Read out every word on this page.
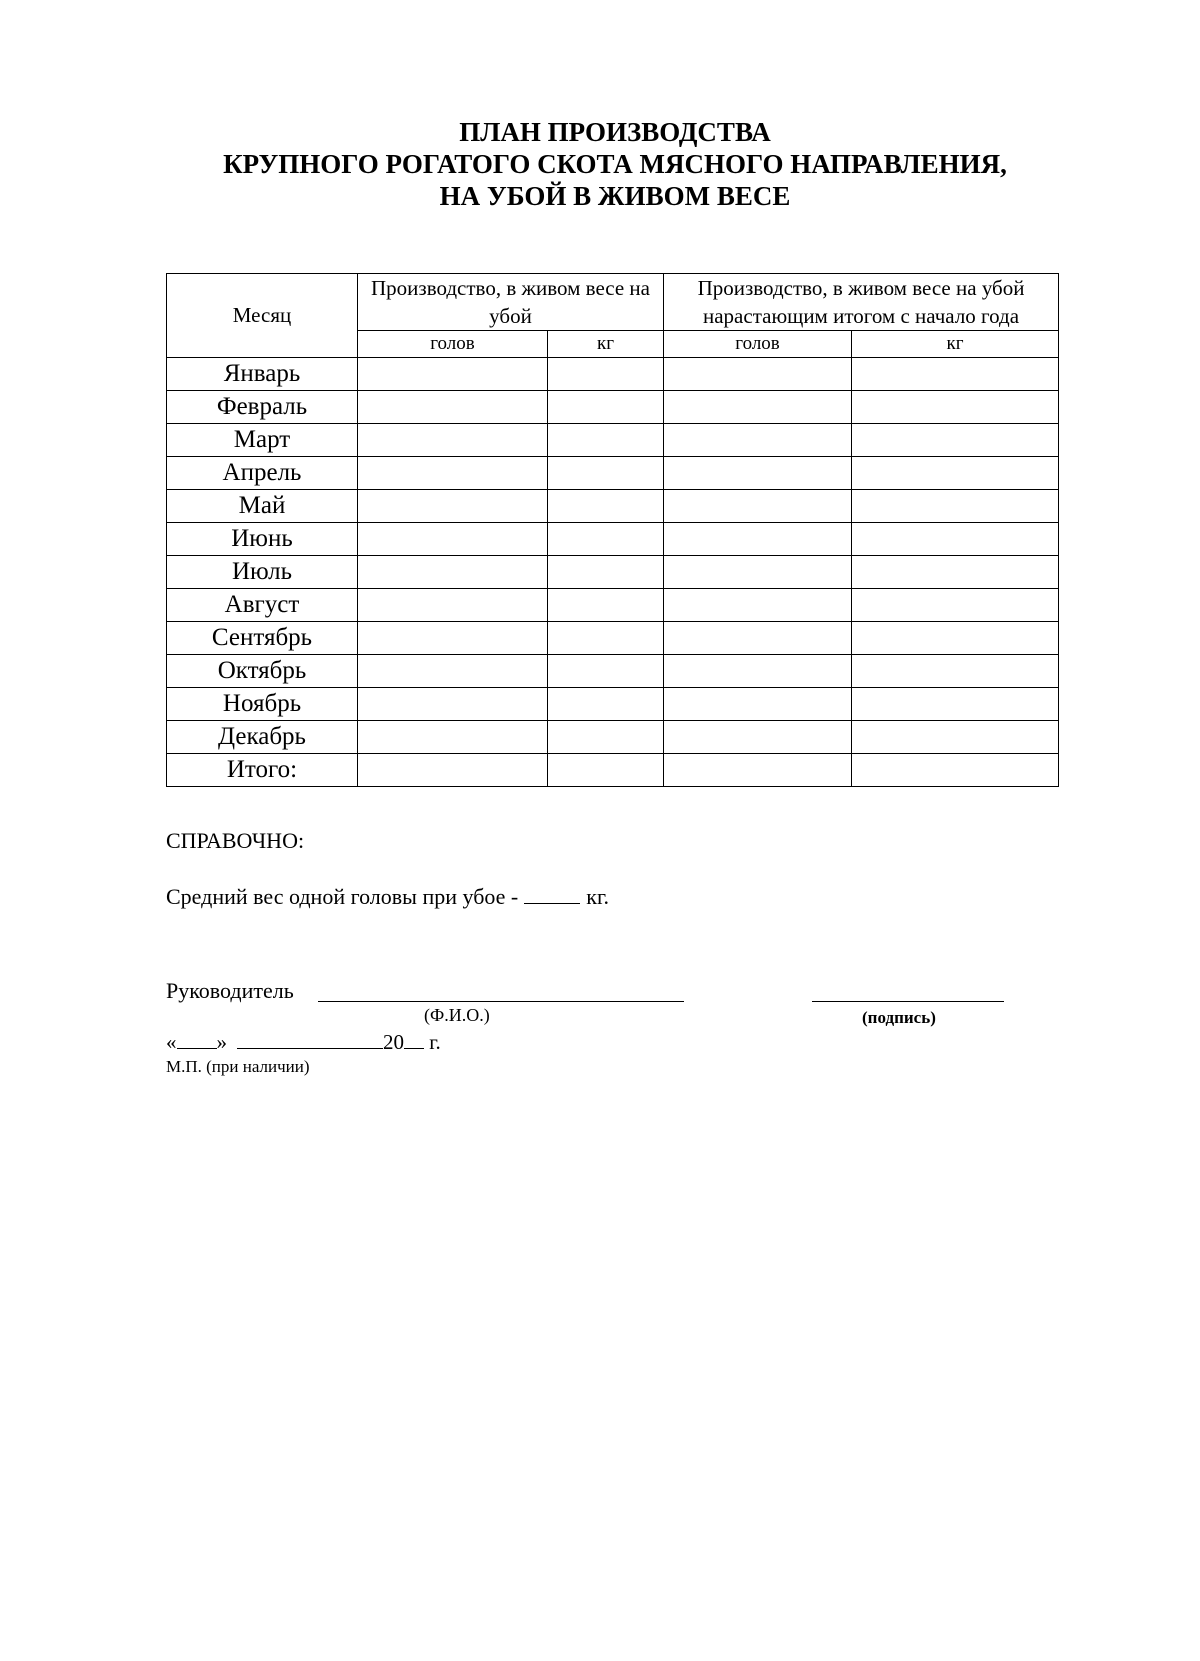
ПЛАН ПРОИЗВОДСТВА
КРУПНОГО РОГАТОГО СКОТА МЯСНОГО НАПРАВЛЕНИЯ,
НА УБОЙ В ЖИВОМ ВЕСЕ
Месяц	Производство, в живом весе на убой		Производство, в живом весе на убой нарастающим итогом с начало года	
	голов	кг	голов	кг
Январь				
Февраль				
Март				
Апрель				
Май				
Июнь				
Июль				
Август				
Сентябрь				
Октябрь				
Ноябрь				
Декабрь				
Итого:				
СПРАВОЧНО:
Средний вес одной головы при убое -	кг.
Руководитель
(Ф.И.О.)	(подпись)
« »	20 г.
М.П. (при наличии)
